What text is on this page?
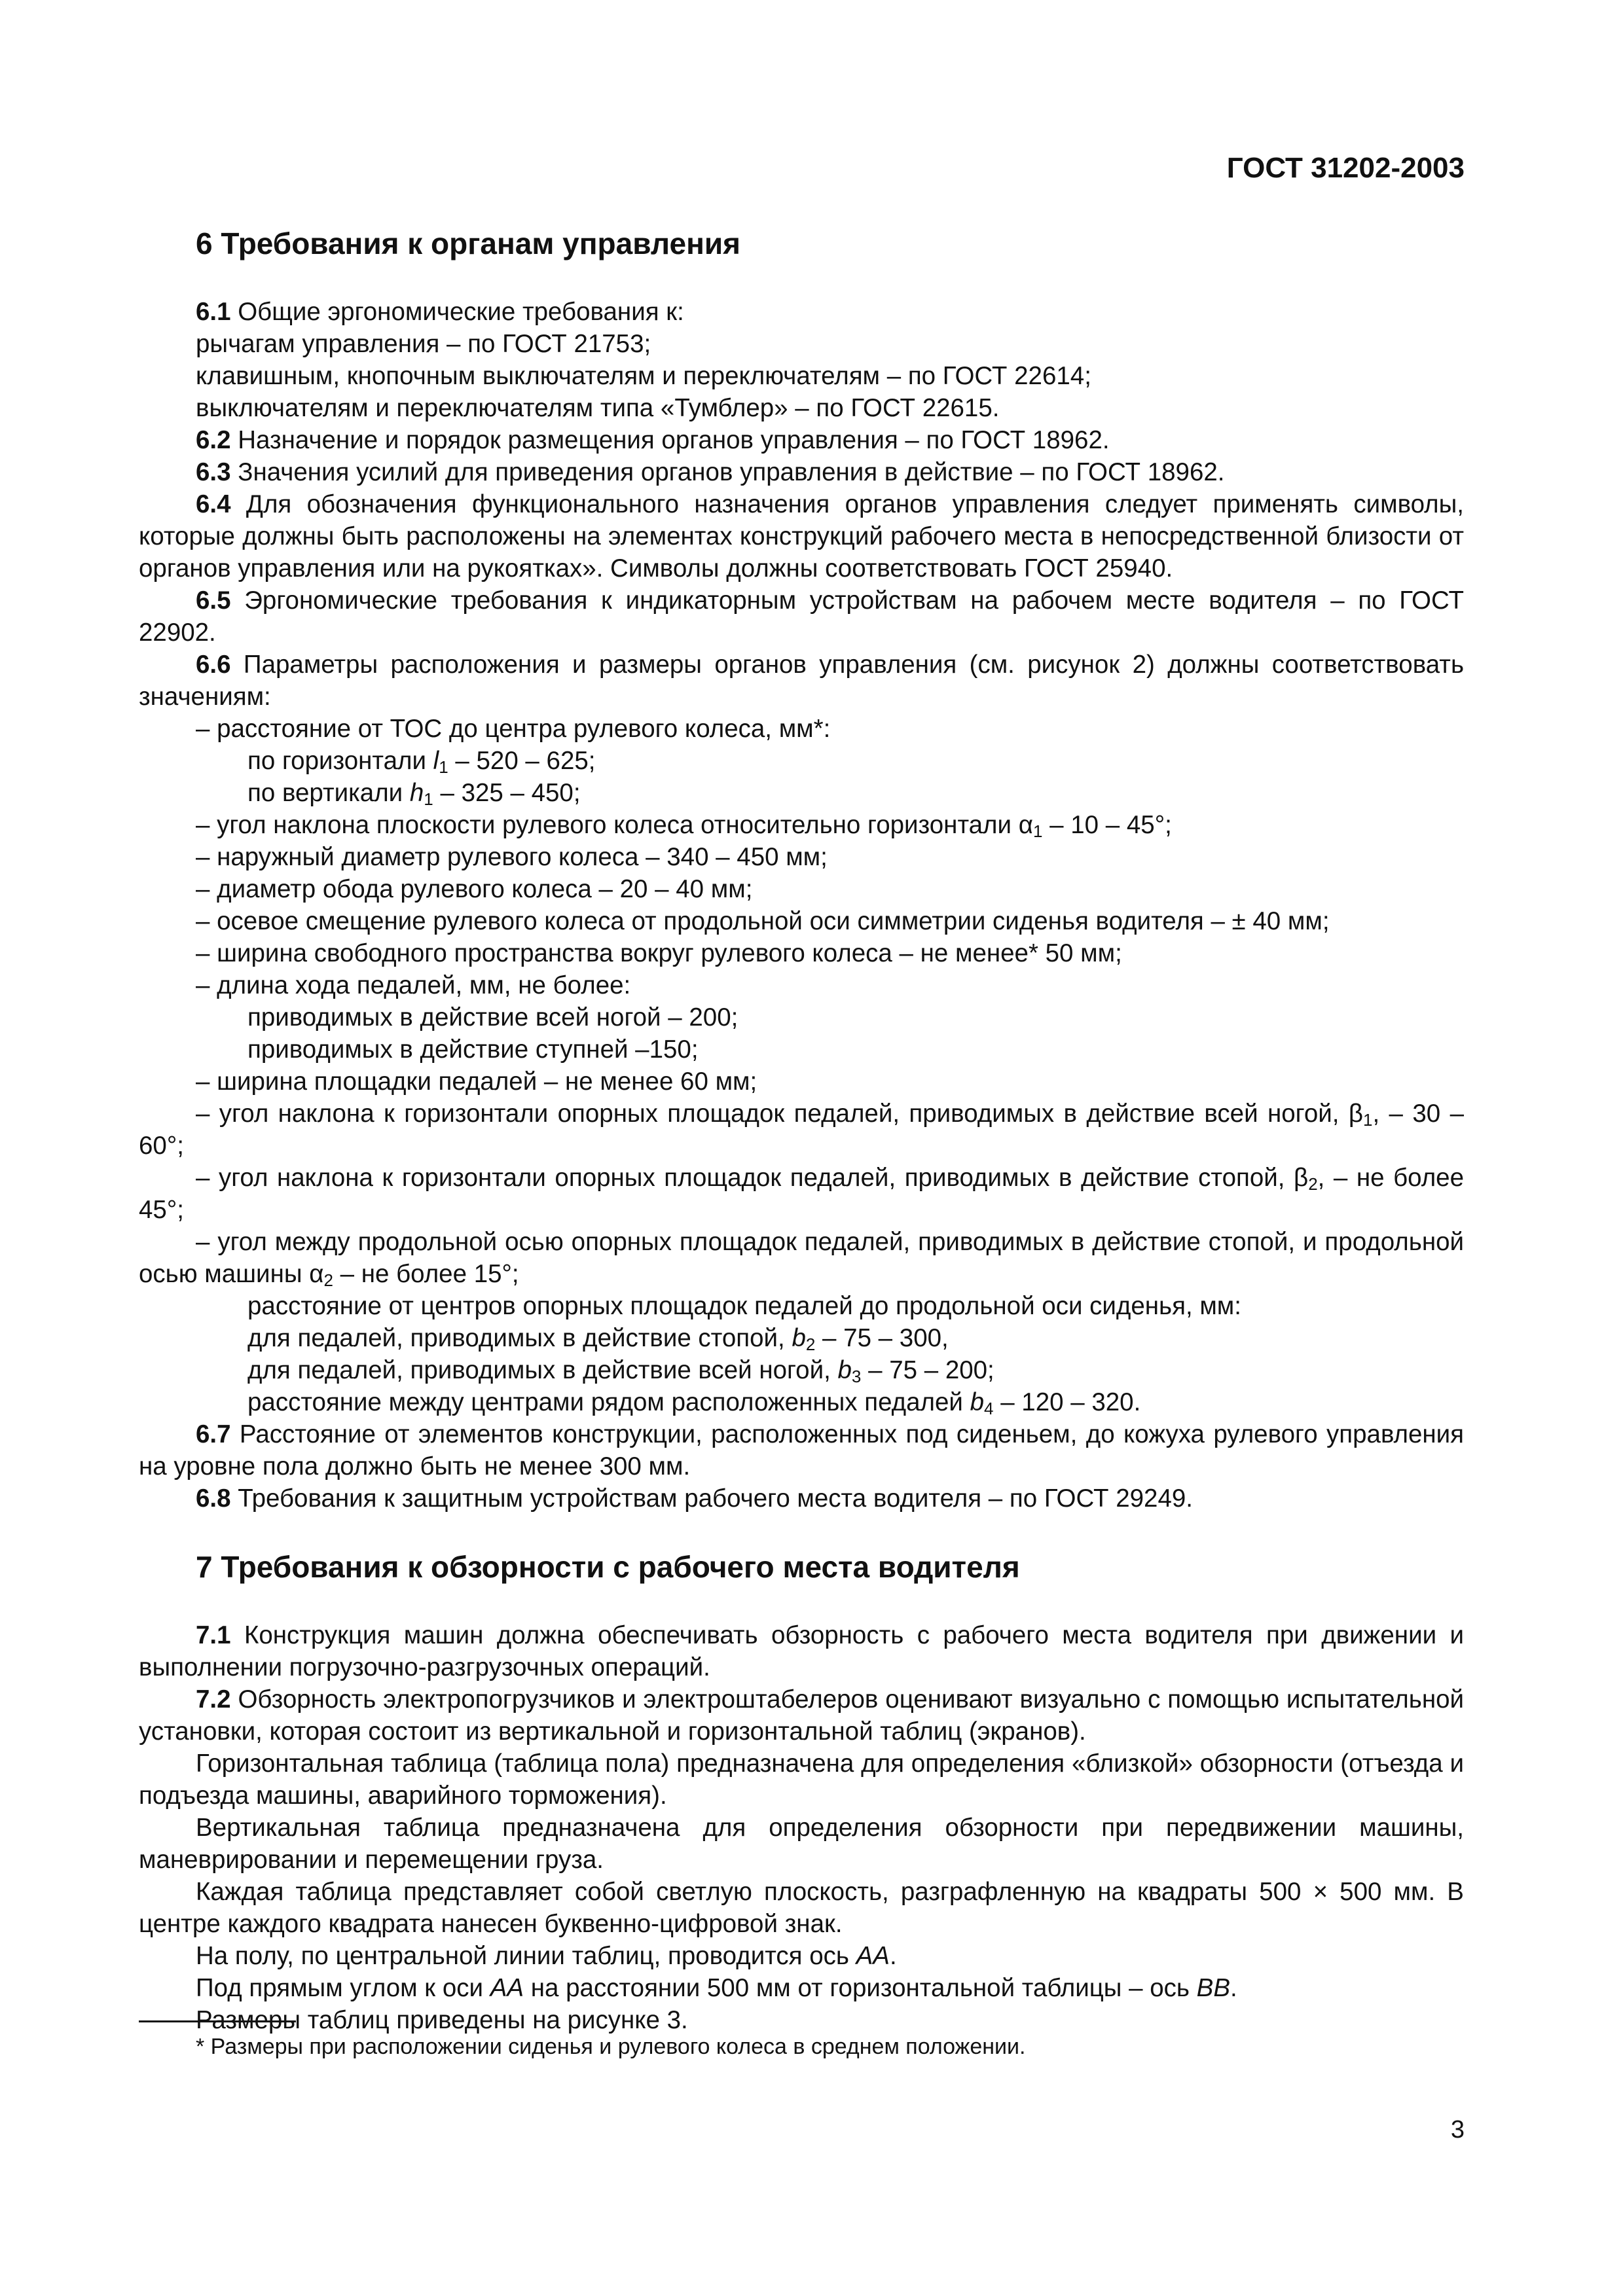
ГОСТ 31202-2003
6 Требования к органам управления

6.1 Общие эргономические требования к:

рычагам управления – по ГОСТ 21753;

клавишным, кнопочным выключателям и переключателям – по ГОСТ 22614;

выключателям и переключателям типа «Тумблер» – по ГОСТ 22615.

6.2 Назначение и порядок размещения органов управления – по ГОСТ 18962.

6.3 Значения усилий для приведения органов управления в действие – по ГОСТ 18962.

6.4 Для обозначения функционального назначения органов управления следует применять символы, которые должны быть расположены на элементах конструкций рабочего места в непосредственной близости от органов управления или на рукоятках». Символы должны соответствовать ГОСТ 25940.

6.5 Эргономические требования к индикаторным устройствам на рабочем месте водителя – по ГОСТ 22902.

6.6 Параметры расположения и размеры органов управления (см. рисунок 2) должны соответствовать значениям:

– расстояние от ТОС до центра рулевого колеса, мм*:

по горизонтали $l_1 - 520 - 625$;

по вертикали $h_1 - 325 - 450$;

– угол наклона плоскости рулевого колеса относительно горизонтали $\alpha_1 - 10 - 45^\circ$;

– наружный диаметр рулевого колеса – 340 – 450 мм;

– диаметр обода рулевого колеса – 20 – 40 мм;

– осевое смещение рулевого колеса от продольной оси симметрии сиденья водителя – ± 40 мм;

– ширина свободного пространства вокруг рулевого колеса – не менее* 50 мм;

– длина хода педалей, мм, не более:

приводимых в действие всей ногой – 200;

приводимых в действие ступней –150;

– ширина площадки педалей – не менее 60 мм;

– угол наклона к горизонтали опорных площадок педалей, приводимых в действие всей ногой, $\beta_1$, – 30 – 60°;

– угол наклона к горизонтали опорных площадок педалей, приводимых в действие стопой, $\beta_2$, – не более 45°;

– угол между продольной осью опорных площадок педалей, приводимых в действие стопой, и продольной осью машины $\alpha_2$ – не более 15°;

расстояние от центров опорных площадок педалей до продольной оси сиденья, мм:

для педалей, приводимых в действие стопой, $b_2 - 75 - 300$,

для педалей, приводимых в действие всей ногой, $b_3 - 75 - 200$;

расстояние между центрами рядом расположенных педалей $b_4 - 120 - 320$.

6.7 Расстояние от элементов конструкции, расположенных под сиденьем, до кожуха рулевого управления на уровне пола должно быть не менее 300 мм.

6.8 Требования к защитным устройствам рабочего места водителя – по ГОСТ 29249.

7 Требования к обзорности с рабочего места водителя

7.1 Конструкция машин должна обеспечивать обзорность с рабочего места водителя при движении и выполнении погрузочно-разгрузочных операций.

7.2 Обзорность электропогрузчиков и электроштабелеров оценивают визуально с помощью испытательной установки, которая состоит из вертикальной и горизонтальной таблиц (экранов).

Горизонтальная таблица (таблица пола) предназначена для определения «близкой» обзорности (отъезда и подъезда машины, аварийного торможения).

Вертикальная таблица предназначена для определения обзорности при передвижении машины, маневрировании и перемещении груза.

Каждая таблица представляет собой светлую плоскость, разграфленную на квадраты 500 × 500 мм. В центре каждого квадрата нанесен буквенно-цифровой знак.

На полу, по центральной линии таблиц, проводится ось АА.

Под прямым углом к оси АА на расстоянии 500 мм от горизонтальной таблицы – ось ВВ.

Размеры таблиц приведены на рисунке 3.

* Размеры при расположении сиденья и рулевого колеса в среднем положении.
3
